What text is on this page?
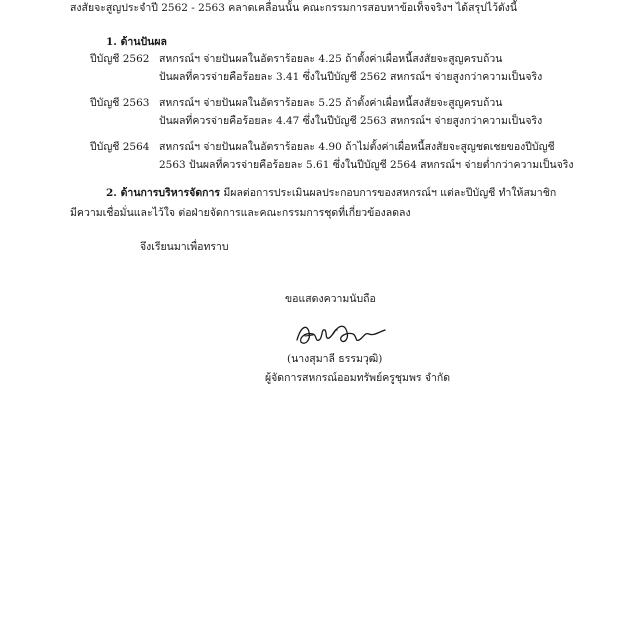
สงสัยจะสูญประจำปี 2562 - 2563 คลาดเคลื่อนนั้น คณะกรรมการสอบหาข้อเท็จจริงฯ ได้สรุปไว้ดังนี้
1. ด้านปันผล
ปีบัญชี 2562 สหกรณ์ฯ จ่ายปันผลในอัตราร้อยละ 4.25 ถ้าตั้งค่าเผื่อหนี้สงสัยจะสูญครบถ้วน
ปันผลที่ควรจ่ายคือร้อยละ 3.41 ซึ่งในปีบัญชี 2562 สหกรณ์ฯ จ่ายสูงกว่าความเป็นจริง
ปีบัญชี 2563 สหกรณ์ฯ จ่ายปันผลในอัตราร้อยละ 5.25 ถ้าตั้งค่าเผื่อหนี้สงสัยจะสูญครบถ้วน
ปันผลที่ควรจ่ายคือร้อยละ 4.47 ซึ่งในปีบัญชี 2563 สหกรณ์ฯ จ่ายสูงกว่าความเป็นจริง
ปีบัญชี 2564 สหกรณ์ฯ จ่ายปันผลในอัตราร้อยละ 4.90 ถ้าไม่ตั้งค่าเผื่อหนี้สงสัยจะสูญชดเชยของปีบัญชี
2563 ปันผลที่ควรจ่ายคือร้อยละ 5.61 ซึ่งในปีบัญชี 2564 สหกรณ์ฯ จ่ายต่ำกว่าความเป็นจริง
2. ด้านการบริหารจัดการ มีผลต่อการประเมินผลประกอบการของสหกรณ์ฯ แต่ละปีบัญชี ทำให้สมาชิก
มีความเชื่อมั่นและไว้ใจ ต่อฝ่ายจัดการและคณะกรรมการชุดที่เกี่ยวข้องลดลง
จึงเรียนมาเพื่อทราบ
ขอแสดงความนับถือ
(นางสุมาลี ธรรมวุฒิ)
ผู้จัดการสหกรณ์ออมทรัพย์ครูชุมพร จำกัด
